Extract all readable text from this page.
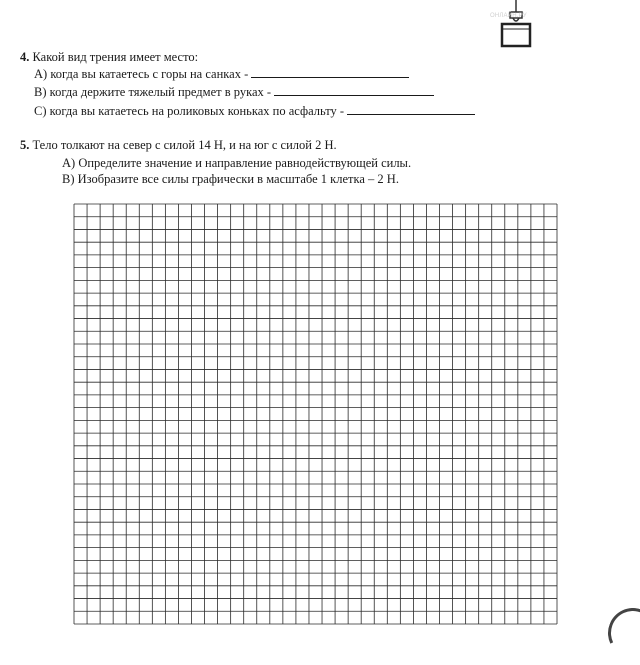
ОНЛАЙН.РУ
4. Какой вид трения имеет место:
А) когда вы катаетесь с горы на санках -
В) когда держите тяжелый предмет в руках -
С) когда вы катаетесь на роликовых коньках по асфальту -
5. Тело толкают на север с силой 14 Н, и на юг с силой 2 Н.
А) Определите значение и направление равнодействующей силы.
В) Изобразите все силы графически в масштабе 1 клетка – 2 Н.
